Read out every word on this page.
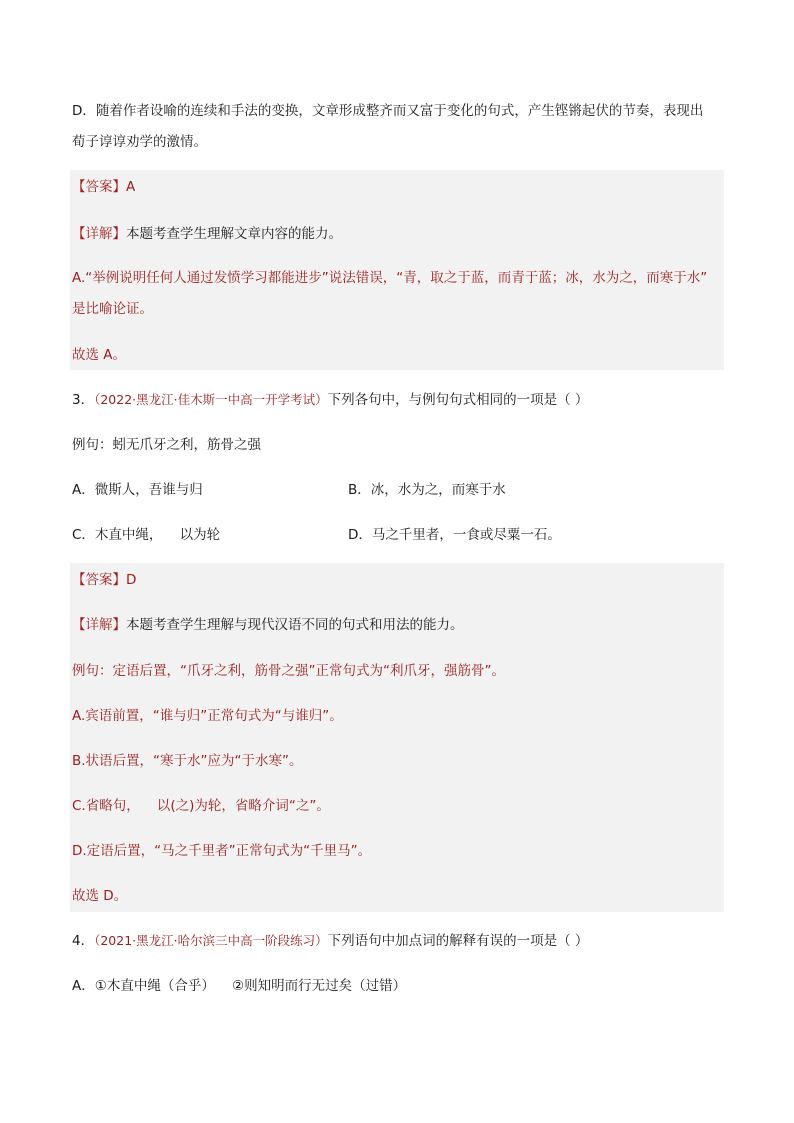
D．随着作者设喻的连续和手法的变换，文章形成整齐而又富于变化的句式，产生铿锵起伏的节奏，表现出
荀子谆谆劝学的激情。
【答案】A
【详解】本题考查学生理解文章内容的能力。
A.“举例说明任何人通过发愤学习都能进步”说法错误，“青，取之于蓝，而青于蓝；冰，水为之，而寒于水”
是比喻论证。
故选 A。
3．（2022·黑龙江·佳木斯一中高一开学考试）下列各句中，与例句句式相同的一项是（ ）
例句：蚓无爪牙之利，筋骨之强
A．微斯人，吾谁与归	B．冰，水为之，而寒于水
C．木直中绳，    以为轮	D．马之千里者，一食或尽粟一石。
【答案】D
【详解】本题考查学生理解与现代汉语不同的句式和用法的能力。
例句：定语后置，“爪牙之利，筋骨之强”正常句式为“利爪牙，强筋骨”。
A.宾语前置，“谁与归”正常句式为“与谁归”。
B.状语后置，“寒于水”应为“于水寒”。
C.省略句，    以(之)为轮，省略介词“之”。
D.定语后置，“马之千里者”正常句式为“千里马”。
故选 D。
4．（2021·黑龙江·哈尔滨三中高一阶段练习）下列语句中加点词的解释有误的一项是（ ）
A．①木直中绳（合乎）    ②则知明而行无过矣（过错）
